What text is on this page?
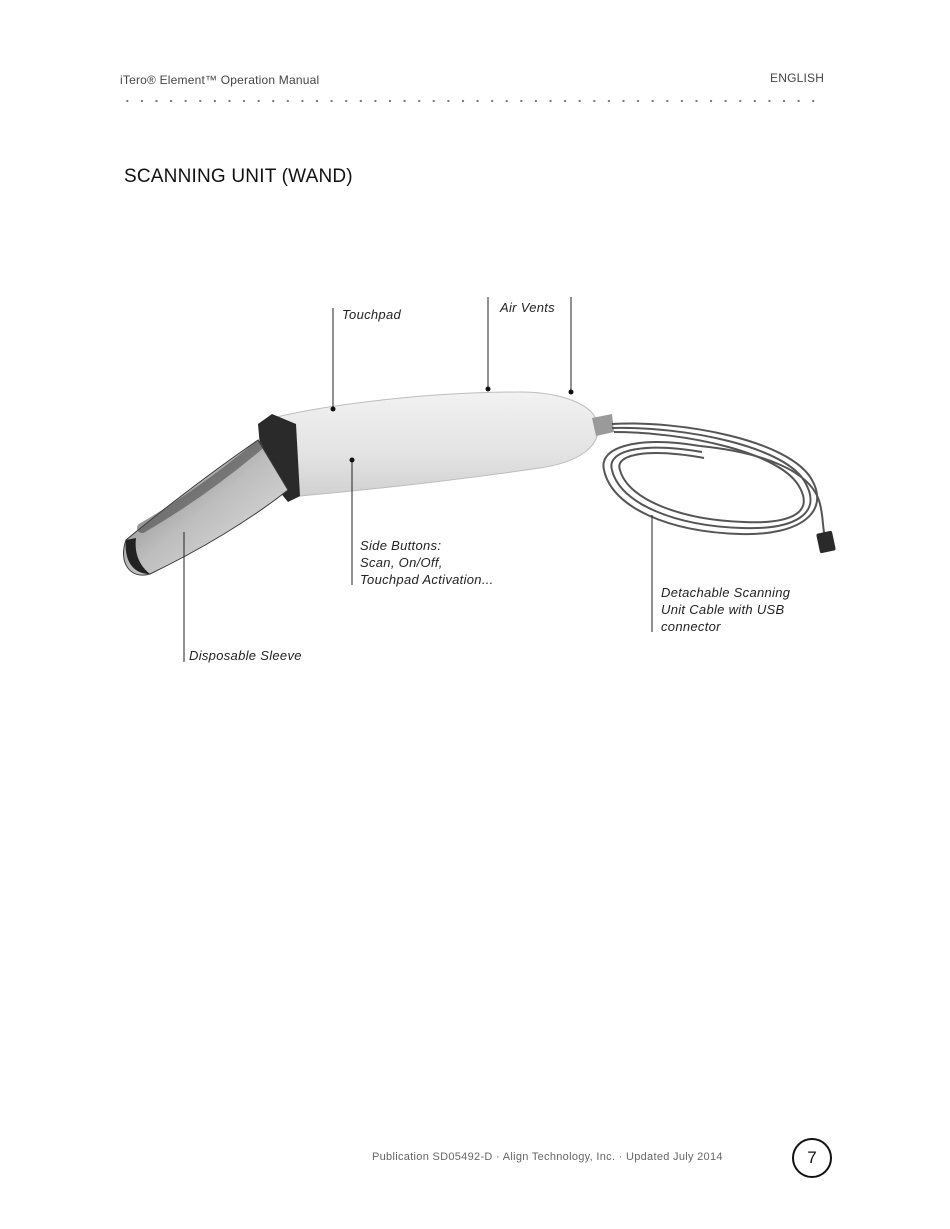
iTero® Element™ Operation Manual	ENGLISH
SCANNING UNIT (WAND)
Touchpad	Air Vents
Side Buttons:
Scan, On/Off,
Touchpad Activation...
Detachable Scanning
Unit Cable with USB
connector
Disposable Sleeve
Publication SD05492-D · Align Technology, Inc. · Updated July 2014	7
